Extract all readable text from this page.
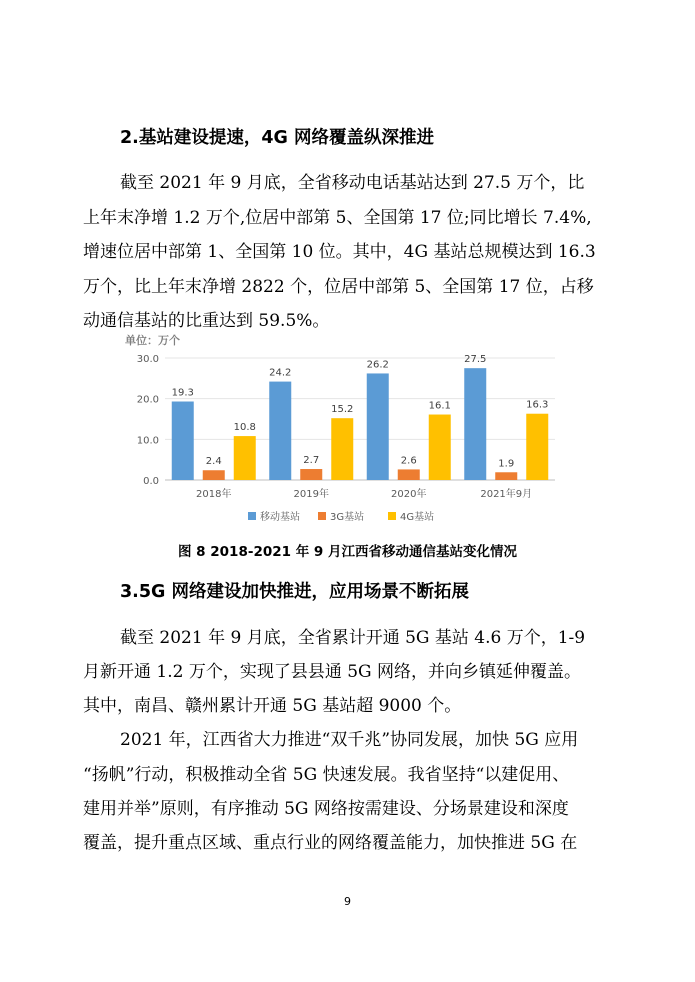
2.基站建设提速，4G 网络覆盖纵深推进
截至 2021 年 9 月底，全省移动电话基站达到 27.5 万个，比
上年末净增 1.2 万个,位居中部第 5、全国第 17 位;同比增长 7.4%,
增速位居中部第 1、全国第 10 位。其中，4G 基站总规模达到 16.3
万个，比上年末净增 2822 个，位居中部第 5、全国第 17 位，占移
动通信基站的比重达到 59.5%。
单位：万个
0.0
10.0
20.0
30.0
19.3
2.4
10.8
2018年
24.2
2.7
15.2
2019年
26.2
2.6
16.1
2020年
27.5
1.9
16.3
2021年9月
移动基站	3G基站	4G基站
图 8 2018-2021 年 9 月江西省移动通信基站变化情况
3.5G 网络建设加快推进，应用场景不断拓展
截至 2021 年 9 月底，全省累计开通 5G 基站 4.6 万个，1-9
月新开通 1.2 万个，实现了县县通 5G 网络，并向乡镇延伸覆盖。
其中，南昌、赣州累计开通 5G 基站超 9000 个。
2021 年，江西省大力推进“双千兆”协同发展，加快 5G 应用
“扬帆”行动，积极推动全省 5G 快速发展。我省坚持“以建促用、
建用并举”原则，有序推动 5G 网络按需建设、分场景建设和深度
覆盖，提升重点区域、重点行业的网络覆盖能力，加快推进 5G 在
9
